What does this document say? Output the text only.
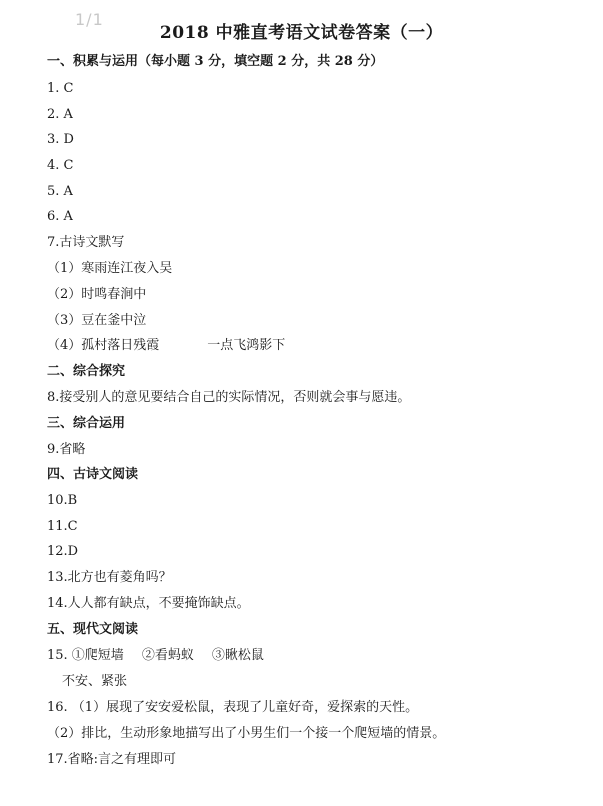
1/1
2018 中雅直考语文试卷答案（一）
一、积累与运用（每小题 3 分，填空题 2 分，共 28 分）
1. C
2. A
3. D
4. C
5. A
6. A
7.古诗文默写
（1）寒雨连江夜入吴
（2）时鸣春涧中
（3）豆在釜中泣
（4）孤村落日残霞	一点飞鸿影下
二、综合探究
8.接受别人的意见要结合自己的实际情况，否则就会事与愿违。
三、综合运用
9.省略
四、古诗文阅读
10.B
11.C
12.D
13.北方也有菱角吗？
14.人人都有缺点，不要掩饰缺点。
五、现代文阅读
15. ①爬短墙 ②看蚂蚁 ③瞅松鼠
不安、紧张
16. （1）展现了安安爱松鼠，表现了儿童好奇，爱探索的天性。
（2）排比，生动形象地描写出了小男生们一个接一个爬短墙的情景。
17.省略:言之有理即可
